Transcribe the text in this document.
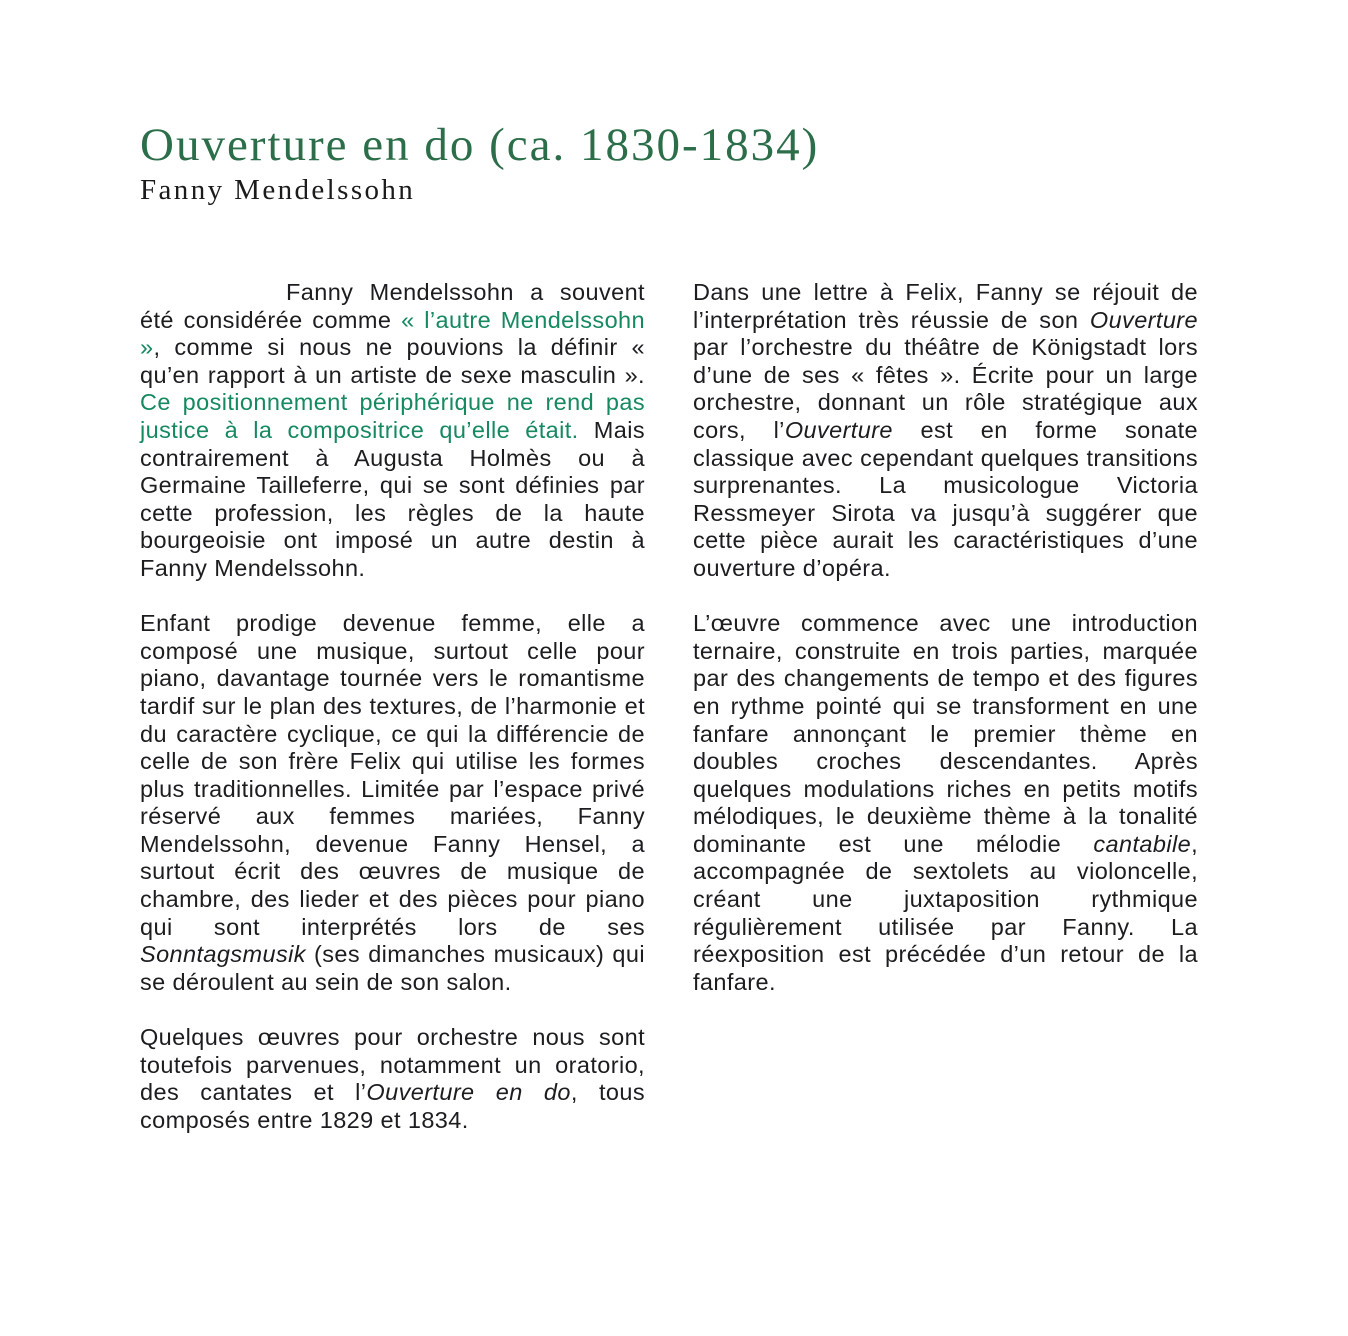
Ouverture en do (ca. 1830-1834)
Fanny Mendelssohn

Fanny Mendelssohn a souvent été considérée comme « l’autre Mendelssohn », comme si nous ne pouvions la définir « qu’en rapport à un artiste de sexe masculin ». Ce positionnement périphérique ne rend pas justice à la compositrice qu’elle était. Mais contrairement à Augusta Holmès ou à Germaine Tailleferre, qui se sont définies par cette profession, les règles de la haute bourgeoisie ont imposé un autre destin à Fanny Mendelssohn.

Enfant prodige devenue femme, elle a composé une musique, surtout celle pour piano, davantage tournée vers le romantisme tardif sur le plan des textures, de l’harmonie et du caractère cyclique, ce qui la différencie de celle de son frère Felix qui utilise les formes plus traditionnelles. Limitée par l’espace privé réservé aux femmes mariées, Fanny Mendelssohn, devenue Fanny Hensel, a surtout écrit des œuvres de musique de chambre, des lieder et des pièces pour piano qui sont interprétés lors de ses Sonntagsmusik (ses dimanches musicaux) qui se déroulent au sein de son salon.

Quelques œuvres pour orchestre nous sont toutefois parvenues, notamment un oratorio, des cantates et l’Ouverture en do, tous composés entre 1829 et 1834.

Dans une lettre à Felix, Fanny se réjouit de l’interprétation très réussie de son Ouverture par l’orchestre du théâtre de Königstadt lors d’une de ses « fêtes ». Écrite pour un large orchestre, donnant un rôle stratégique aux cors, l’Ouverture est en forme sonate classique avec cependant quelques transitions surprenantes. La musicologue Victoria Ressmeyer Sirota va jusqu’à suggérer que cette pièce aurait les caractéristiques d’une ouverture d’opéra.

L’œuvre commence avec une introduction ternaire, construite en trois parties, marquée par des changements de tempo et des figures en rythme pointé qui se transforment en une fanfare annonçant le premier thème en doubles croches descendantes. Après quelques modulations riches en petits motifs mélodiques, le deuxième thème à la tonalité dominante est une mélodie cantabile, accompagnée de sextolets au violoncelle, créant une juxtaposition rythmique régulièrement utilisée par Fanny. La réexposition est précédée d’un retour de la fanfare.
